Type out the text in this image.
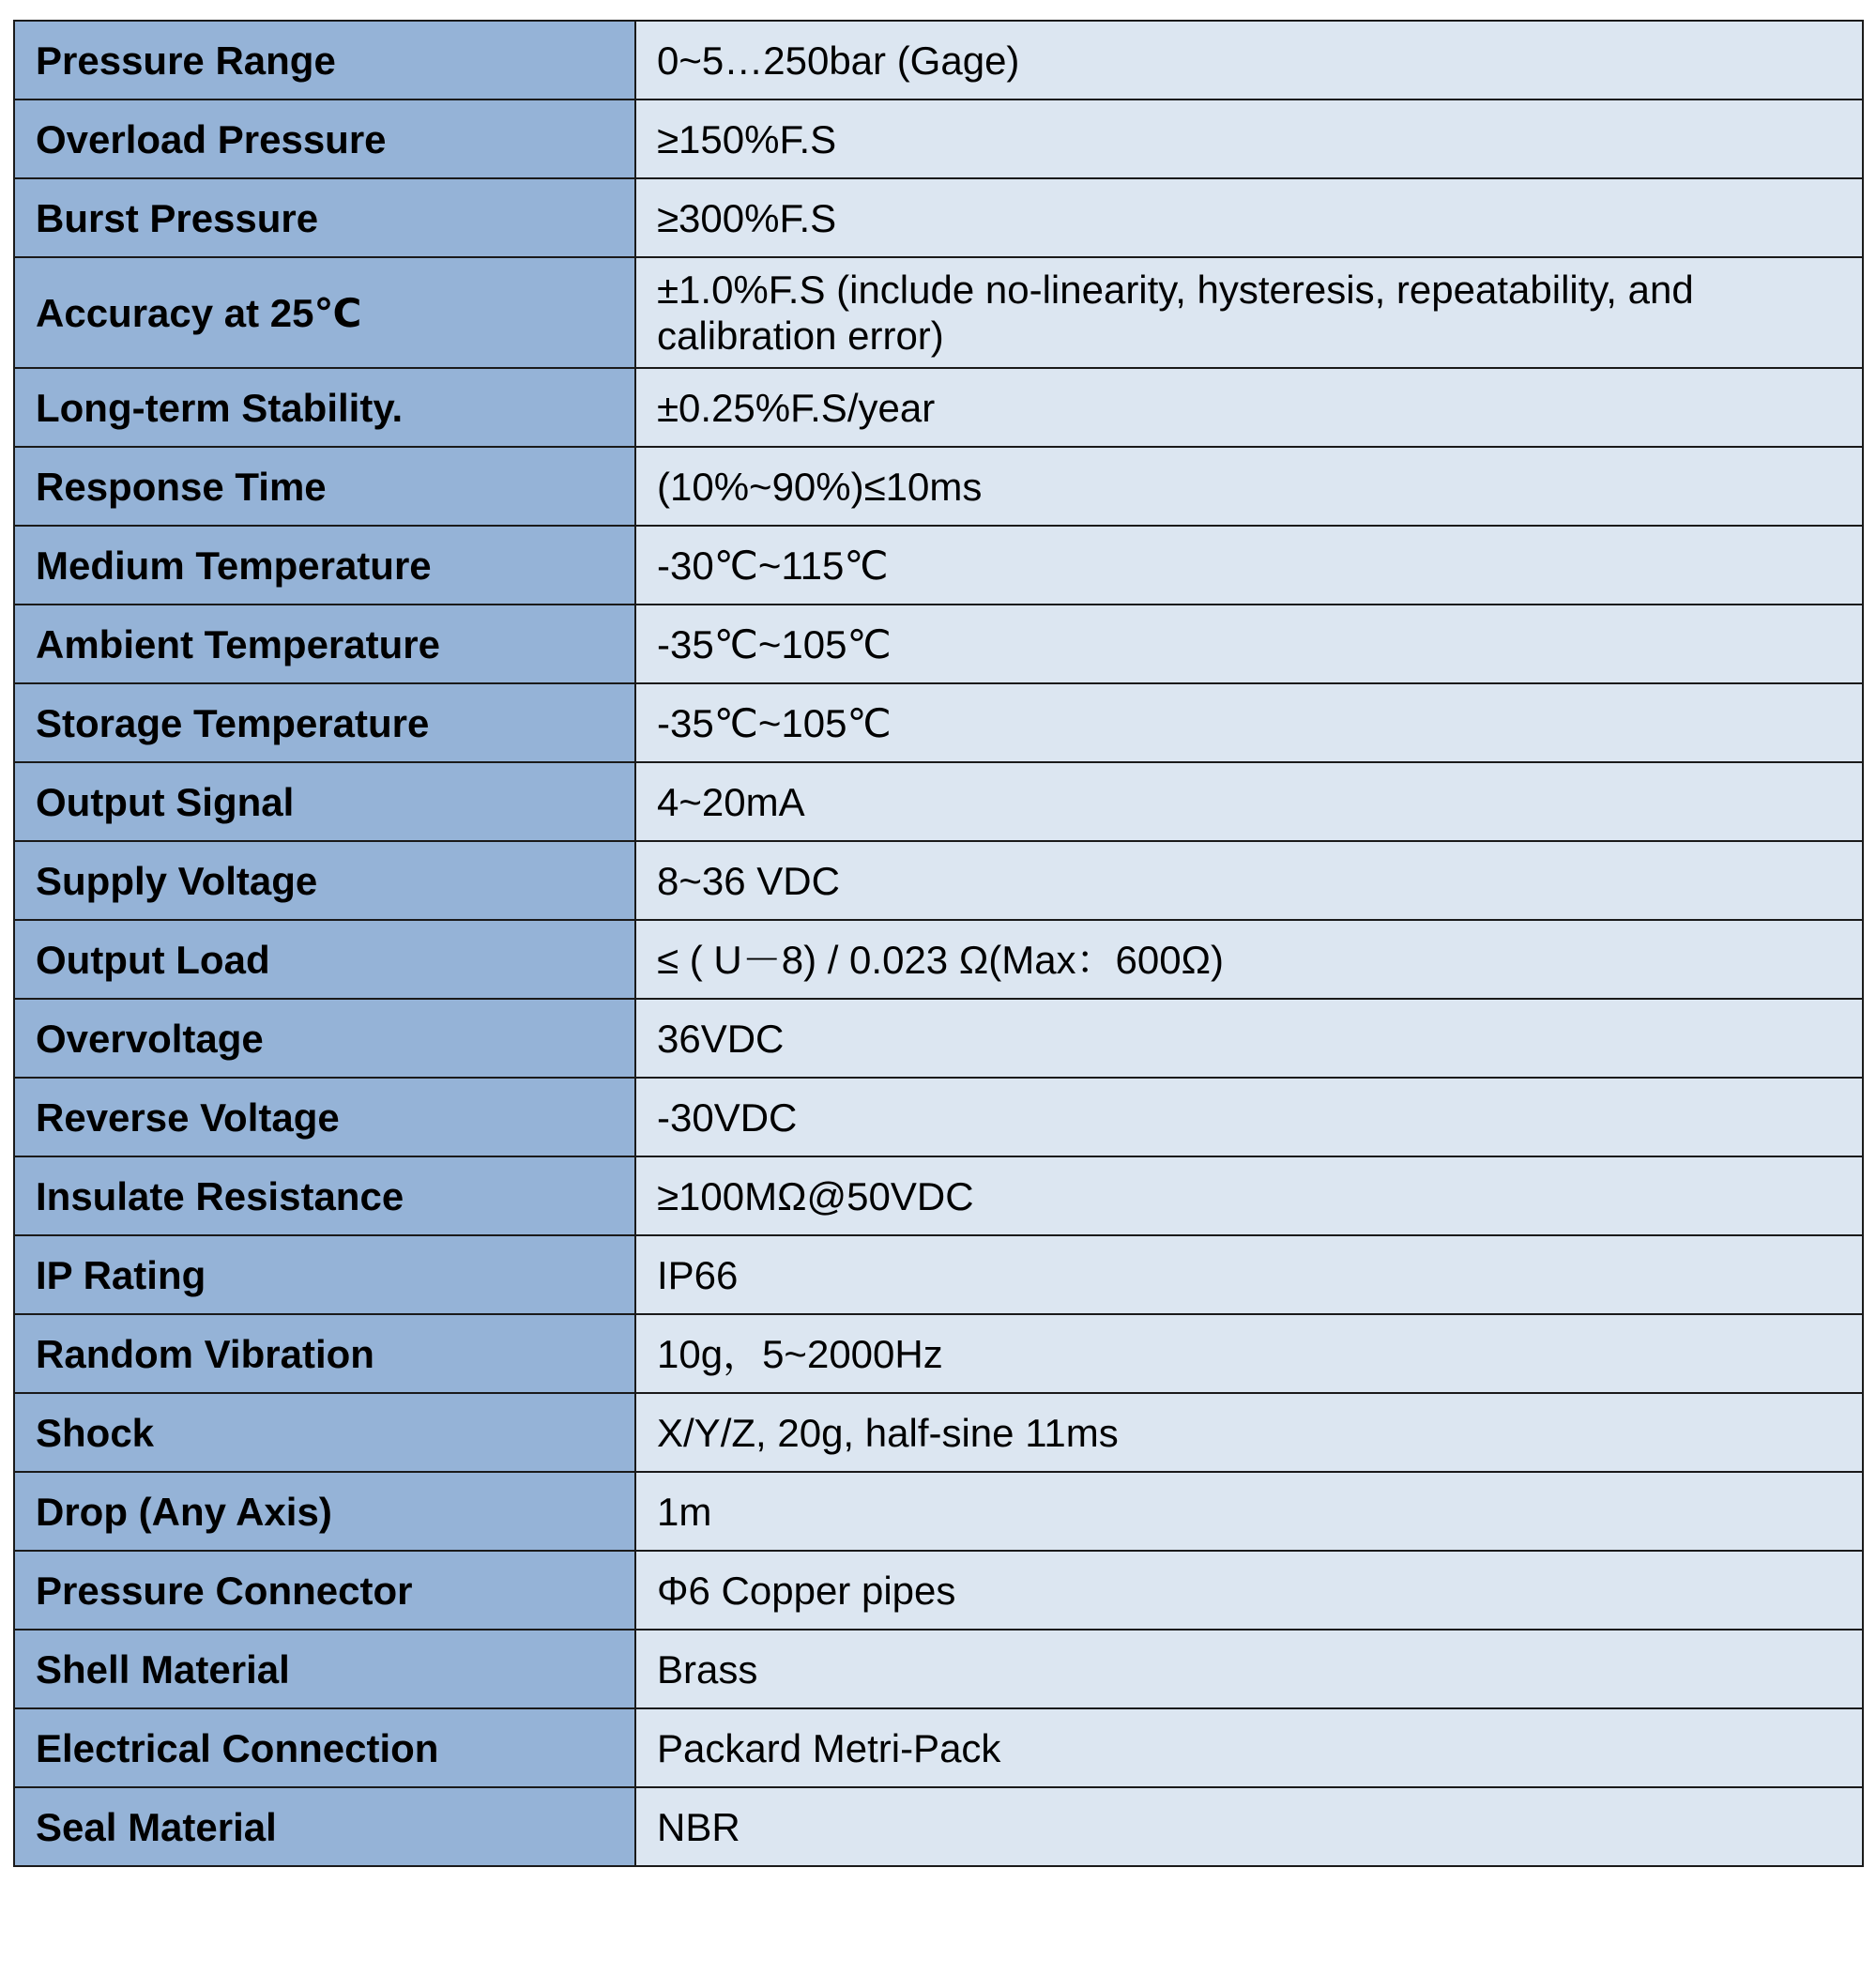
Pressure Range	0~5…250bar (Gage)
Overload Pressure	≥150%F.S
Burst Pressure	≥300%F.S
Accuracy at 25℃	±1.0%F.S (include no-linearity, hysteresis, repeatability, and calibration error)
Long-term Stability.	±0.25%F.S/year
Response Time	(10%~90%)≤10ms
Medium Temperature	-30℃~115℃
Ambient Temperature	-35℃~105℃
Storage Temperature	-35℃~105℃
Output Signal	4~20mA
Supply Voltage	8~36 VDC
Output Load	≤ ( U－8) / 0.023 Ω(Max：600Ω)
Overvoltage	36VDC
Reverse Voltage	-30VDC
Insulate Resistance	≥100MΩ@50VDC
IP Rating	IP66
Random Vibration	10g，5~2000Hz
Shock	X/Y/Z, 20g, half-sine 11ms
Drop (Any Axis)	1m
Pressure Connector	Φ6 Copper pipes
Shell Material	Brass
Electrical Connection	Packard Metri-Pack
Seal Material	NBR
